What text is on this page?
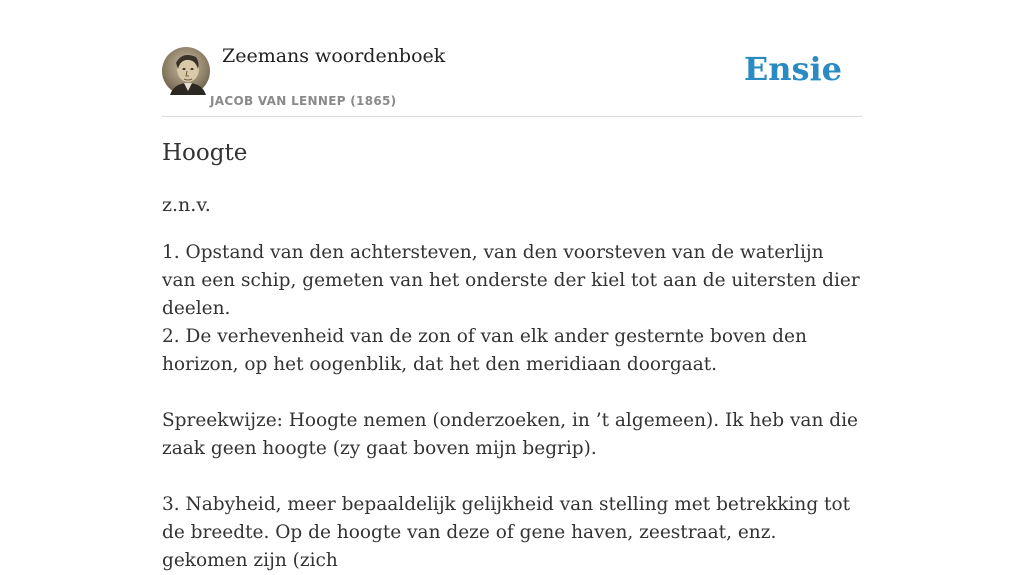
Zeemans woordenboek
JACOB VAN LENNEP (1865)
Ensie
Hoogte
z.n.v.

1. Opstand van den achtersteven, van den voorsteven van de waterlijn van een schip, gemeten van het onderste der kiel tot aan de uitersten dier deelen.

2. De verhevenheid van de zon of van elk ander gesternte boven den horizon, op het oogenblik, dat het den meridiaan doorgaat.

Spreekwijze: Hoogte nemen (onderzoeken, in ’t algemeen). Ik heb van die zaak geen hoogte (zy gaat boven mijn begrip).

3. Nabyheid, meer bepaaldelijk gelijkheid van stelling met betrekking tot de breedte. Op de hoogte van deze of gene haven, zeestraat, enz. gekomen zijn (zich
